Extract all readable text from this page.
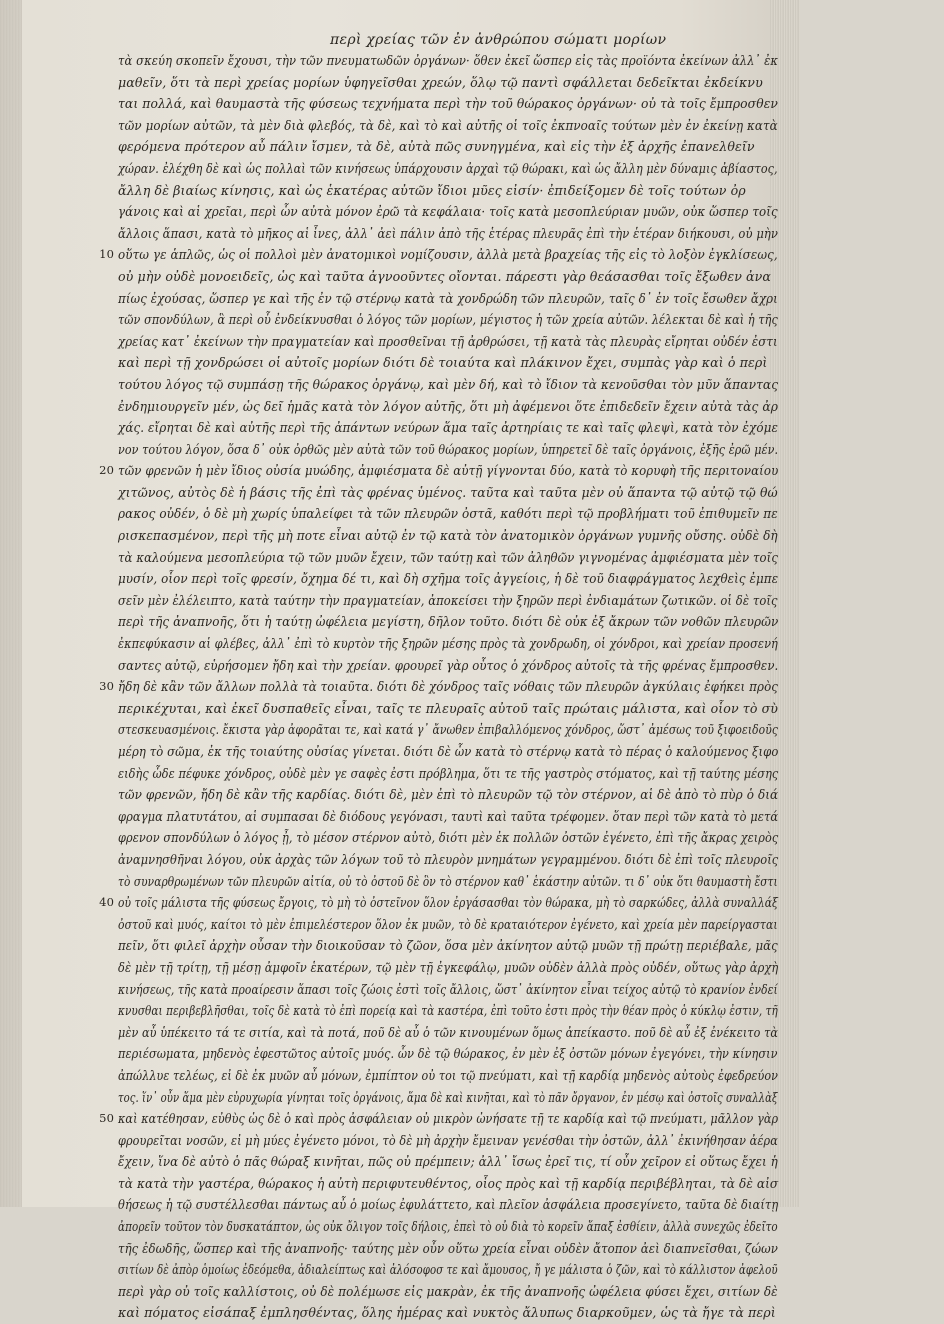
περὶ χρείας τῶν ἐν ἀνθρώπου σώματι μορίων
τὰ σκεύη σκοπεῖν ἔχουσι, τὴν τῶν πνευματωδῶν ὀργάνων· ὅθεν ἐκεῖ ὥσπερ εἰς τὰς προϊόντα ἐκείνων ἀλλ᾽ ἐκ
μαθεῖν, ὅτι τὰ περὶ χρείας μορίων ὑφηγεῖσθαι χρεών, ὅλῳ τῷ παντὶ σφάλλεται δεδεῖκται ἐκδείκνυ
ται πολλά, καὶ θαυμαστὰ τῆς φύσεως τεχνήματα περὶ τὴν τοῦ θώρακος ὀργάνων· οὐ τὰ τοῖς ἔμπροσθεν
τῶν μορίων αὐτῶν, τὰ μὲν διὰ φλεβός, τὰ δὲ, καὶ τὸ καὶ αὐτῆς οἱ τοῖς ἐκπνοαῖς τούτων μὲν ἐν ἐκείνῃ κατὰ
φερόμενα πρότερον αὖ πάλιν ἴσμεν, τὰ δὲ, αὐτὰ πῶς συνηγμένα, καὶ εἰς τὴν ἐξ ἀρχῆς ἐπανελθεῖν
χώραν. ἐλέχθη δὲ καὶ ὡς πολλαὶ τῶν κινήσεως ὑπάρχουσιν ἀρχαὶ τῷ θώρακι, καὶ ὡς ἄλλη μὲν δύναμις ἀβίαστος,
ἄλλη δὲ βιαίως κίνησις, καὶ ὡς ἑκατέρας αὐτῶν ἴδιοι μῦες εἰσίν· ἐπιδείξομεν δὲ τοῖς τούτων ὀρ
γάνοις καὶ αἱ χρεῖαι, περὶ ὧν αὐτὰ μόνον ἐρῶ τὰ κεφάλαια· τοῖς κατὰ μεσοπλεύριαν μυῶν, οὐκ ὥσπερ τοῖς
ἄλλοις ἅπασι, κατὰ τὸ μῆκος αἱ ἶνες, ἀλλ᾽ ἀεὶ πάλιν ἀπὸ τῆς ἑτέρας πλευρᾶς ἐπὶ τὴν ἑτέραν διήκουσι, οὐ μὴν
10 οὕτω γε ἁπλῶς, ὡς οἱ πολλοὶ μὲν ἀνατομικοὶ νομίζουσιν, ἀλλὰ μετὰ βραχείας τῆς εἰς τὸ λοξὸν ἐγκλίσεως,
οὐ μὴν οὐδὲ μονοειδεῖς, ὡς καὶ ταῦτα ἀγνοοῦντες οἴονται. πάρεστι γὰρ θεάσασθαι τοῖς ἔξωθεν ἀνα
πίως ἐχούσας, ὥσπερ γε καὶ τῆς ἐν τῷ στέρνῳ κατὰ τὰ χονδρώδη τῶν πλευρῶν, ταῖς δ᾽ ἐν τοῖς ἔσωθεν ἄχρι
τῶν σπονδύλων, ἃ περὶ οὗ ἐνδείκνυσθαι ὁ λόγος τῶν μορίων, μέγιστος ἡ τῶν χρεία αὐτῶν. λέλεκται δὲ καὶ ἡ τῆς
χρείας κατ᾽ ἐκείνων τὴν πραγματείαν καὶ προσθεῖναι τῇ ἀρθρώσει, τῇ κατὰ τὰς πλευρὰς εἴρηται οὐδέν ἐστι
καὶ περὶ τῇ χονδρώσει οἱ αὐτοῖς μορίων διότι δὲ τοιαύτα καὶ πλάκινον ἔχει, συμπὰς γὰρ καὶ ὁ περὶ
τούτου λόγος τῷ συμπάσῃ τῆς θώρακος ὀργάνῳ, καὶ μὲν δή, καὶ τὸ ἴδιον τὰ κενοῦσθαι τὸν μῦν ἅπαντας
ἐνδημιουργεῖν μέν, ὡς δεῖ ἡμᾶς κατὰ τὸν λόγον αὐτῆς, ὅτι μὴ ἀφέμενοι ὅτε ἐπιδεδεῖν ἔχειν αὐτὰ τὰς ἀρ
χάς. εἴρηται δὲ καὶ αὐτῆς περὶ τῆς ἀπάντων νεύρων ἅμα ταῖς ἀρτηρίαις τε καὶ ταῖς φλεψὶ, κατὰ τὸν ἐχόμε
νον τούτου λόγον, ὅσα δ᾽ οὐκ ὀρθῶς μὲν αὐτὰ τῶν τοῦ θώρακος μορίων, ὑπηρετεῖ δὲ ταῖς ὀργάνοις, ἐξῆς ἐρῶ μέν.
20 τῶν φρενῶν ἡ μὲν ἴδιος οὐσία μυώδης, ἀμφιέσματα δὲ αὐτῇ γίγνονται δύο, κατὰ τὸ κορυφὴ τῆς περιτοναίου
χιτῶνος, αὐτὸς δὲ ἡ βάσις τῆς ἐπὶ τὰς φρένας ὑμένος. ταῦτα καὶ ταῦτα μὲν οὐ ἅπαντα τῷ αὐτῷ τῷ θώ
ρακος οὐδέν, ὁ δὲ μὴ χωρίς ὑπαλείφει τὰ τῶν πλευρῶν ὀστᾶ, καθότι περὶ τῷ προβλήματι τοῦ ἐπιθυμεῖν πε
ρισκεπασμένον, περὶ τῆς μὴ ποτε εἶναι αὐτῷ ἐν τῷ κατὰ τὸν ἀνατομικὸν ὀργάνων γυμνῆς οὔσης. οὐδὲ δὴ
τὰ καλούμενα μεσοπλεύρια τῷ τῶν μυῶν ἔχειν, τῶν ταύτῃ καὶ τῶν ἀληθῶν γιγνομένας ἀμφιέσματα μὲν τοῖς
μυσίν, οἷον περὶ τοῖς φρεσίν, ὄχημα δέ τι, καὶ δὴ σχῆμα τοῖς ἀγγείοις, ἡ δὲ τοῦ διαφράγματος λεχθεὶς ἐμπε
σεῖν μὲν ἐλέλειπτο, κατὰ ταύτην τὴν πραγματείαν, ἀποκείσει τὴν ξηρῶν περὶ ἐνδιαμάτων ζωτικῶν. οἱ δὲ τοῖς
περὶ τῆς ἀναπνοῆς, ὅτι ἡ ταύτῃ ὠφέλεια μεγίστη, δῆλον τοῦτο. διότι δὲ οὐκ ἐξ ἄκρων τῶν νοθῶν πλευρῶν
ἐκπεφύκασιν αἱ φλέβες, ἀλλ᾽ ἐπὶ τὸ κυρτὸν τῆς ξηρῶν μέσης πρὸς τὰ χονδρωδη, οἱ χόνδροι, καὶ χρείαν προσενή
σαντες αὐτῷ, εὑρήσομεν ἤδη καὶ τὴν χρείαν. φρουρεῖ γὰρ οὗτος ὁ χόνδρος αὐτοῖς τὰ τῆς φρένας ἔμπροσθεν.
30 ἤδη δὲ κἂν τῶν ἄλλων πολλὰ τὰ τοιαῦτα. διότι δὲ χόνδρος ταῖς νόθαις τῶν πλευρῶν ἀγκύλαις ἐφήκει πρὸς
περικέχυται, καὶ ἐκεῖ δυσπαθεῖς εἶναι, ταῖς τε πλευραῖς αὐτοῦ ταῖς πρώταις μάλιστα, καὶ οἷον τὸ σὺ
στεσκευασμένοις. ἔκιστα γὰρ ἀφορᾶται τε, καὶ κατά γ᾽ ἄνωθεν ἐπιβαλλόμενος χόνδρος, ὥστ᾽ ἀμέσως τοῦ ξιφοειδοῦς
μέρη τὸ σῶμα, ἐκ τῆς τοιαύτης οὐσίας γίνεται. διότι δὲ ὧν κατὰ τὸ στέρνῳ κατὰ τὸ πέρας ὁ καλούμενος ξιφο
ειδὴς ὧδε πέφυκε χόνδρος, οὐδὲ μὲν γε σαφὲς ἐστι πρόβλημα, ὅτι τε τῆς γαστρὸς στόματος, καὶ τῇ ταύτης μέσης
τῶν φρενῶν, ἤδη δὲ κἂν τῆς καρδίας. διότι δὲ, μὲν ἐπὶ τὸ πλευρῶν τῷ τὸν στέρνον, αἱ δὲ ἀπὸ τὸ πὺρ ὁ διά
φραγμα πλατυτάτου, αἱ συμπασαι δὲ διόδους γεγόνασι, ταυτὶ καὶ ταῦτα τρέφομεν. ὅταν περὶ τῶν κατὰ τὸ μετά
φρενον σπονδύλων ὁ λόγος ᾖ, τὸ μέσον στέρνον αὐτὸ, διότι μὲν ἐκ πολλῶν ὀστῶν ἐγένετο, ἐπὶ τῆς ἄκρας χειρὸς
ἀναμνησθῆναι λόγου, οὐκ ἀρχὰς τῶν λόγων τοῦ τὸ πλευρὸν μνημάτων γεγραμμένου. διότι δὲ ἐπὶ τοῖς πλευροῖς
τὸ συναρθρωμένων τῶν πλευρῶν αἰτία, οὐ τὸ ὀστοῦ δὲ ὃν τὸ στέρνον καθ᾽ ἑκάστην αὐτῶν. τι δ᾽ οὐκ ὅτι θαυμαστὴ ἔστι
40 οὐ τοῖς μάλιστα τῆς φύσεως ἔργοις, τὸ μὴ τὸ ὀστεῖνον ὅλον ἐργάσασθαι τὸν θώρακα, μὴ τὸ σαρκώδες, ἀλλὰ συναλλάξ
ὀστοῦ καὶ μυός, καίτοι τὸ μὲν ἐπιμελέστερον ὅλον ἐκ μυῶν, τὸ δὲ κραταιότερον ἐγένετο, καὶ χρεία μὲν παρείργασται
πεῖν, ὅτι φιλεῖ ἀρχὴν οὖσαν τὴν διοικοῦσαν τὸ ζῶον, ὅσα μὲν ἀκίνητον αὐτῷ μυῶν τῇ πρώτῃ περιέβαλε, μᾶς
δὲ μὲν τῇ τρίτῃ, τῇ μέσῃ ἀμφοῖν ἑκατέρων, τῷ μὲν τῇ ἐγκεφάλῳ, μυῶν οὐδὲν ἀλλὰ πρὸς οὐδέν, οὕτως γὰρ ἀρχὴ
κινήσεως, τῆς κατὰ προαίρεσιν ἅπασι τοῖς ζώοις ἐστὶ τοῖς ἄλλοις, ὥστ᾽ ἀκίνητον εἶναι τείχος αὐτῷ τὸ κρανίον ἐνδεί
κνυσθαι περιβεβλῆσθαι, τοῖς δὲ κατὰ τὸ ἐπὶ πορείᾳ καὶ τὰ καστέρα, ἐπὶ τοῦτο ἐστι πρὸς τὴν θέαν πρὸς ὁ κύκλῳ ἐστιν, τῆ
μὲν αὖ ὑπέκειτο τά τε σιτία, καὶ τὰ ποτά, ποῦ δὲ αὖ ὁ τῶν κινουμένων ὅμως ἀπείκαστο. ποῦ δὲ αὖ ἐξ ἐνέκειτο τὰ
περιέσωματα, μηδενὸς ἐφεστῶτος αὐτοῖς μυός. ὧν δὲ τῷ θώρακος, ἐν μὲν ἐξ ὀστῶν μόνων ἐγεγόνει, τὴν κίνησιν
ἀπώλλυε τελέως, εἰ δὲ ἐκ μυῶν αὖ μόνων, ἐμπίπτον οὐ τοι τῷ πνεύματι, καὶ τῇ καρδίᾳ μηδενὸς αὐτοὺς ἐφεδρεύον
τος. ἵν᾽ οὖν ἅμα μὲν εὐρυχωρία γίνηται τοῖς ὀργάνοις, ἅμα δὲ καὶ κινῆται, καὶ τὸ πᾶν ὄργανον, ἐν μέσῳ καὶ ὀστοῖς συναλλὰξ
50 καὶ κατέθησαν, εὐθὺς ὡς δὲ ὁ καὶ πρὸς ἀσφάλειαν οὐ μικρὸν ὠνήσατε τῇ τε καρδίᾳ καὶ τῷ πνεύματι, μᾶλλον γὰρ
φρουρεῖται νοσῶν, εἰ μὴ μύες ἐγένετο μόνοι, τὸ δὲ μὴ ἀρχὴν ἔμειναν γενέσθαι τὴν ὀστῶν, ἀλλ᾽ ἐκινήθησαν ἀέρα
ἔχειν, ἵνα δὲ αὐτὸ ὁ πᾶς θώραξ κινῆται, πῶς οὐ πρέμπειν; ἀλλ᾽ ἴσως ἐρεῖ τις, τί οὖν χεῖρον εἰ οὕτως ἔχει ἡ
τὰ κατὰ τὴν γαστέρα, θώρακος ἡ αὐτὴ περιφυτευθέντος, οἷος πρὸς καὶ τῇ καρδίᾳ περιβέβληται, τὰ δὲ αἰσ
θήσεως ἡ τῷ συστέλλεσθαι πάντως αὖ ὁ μοίως ἐφυλάττετο, καὶ πλεῖον ἀσφάλεια προσεγίνετο, ταῦτα δὲ διαίτῃ
ἀπορεῖν τοῦτον τὸν δυσκατάπτον, ὡς οὐκ ὄλιγον τοῖς δήλοις, ἐπεὶ τὸ οὐ διὰ τὸ κορεῖν ἅπαξ ἐσθίειν, ἀλλὰ συνεχῶς ἐδεῖτο
τῆς ἐδωδῆς, ὥσπερ καὶ τῆς ἀναπνοῆς· ταύτης μὲν οὖν οὕτω χρεία εἶναι οὐδὲν ἄτοπον ἀεὶ διαπνεῖσθαι, ζώων
σιτίων δὲ ἀπὸρ ὁμοίως ἐδεόμεθα, ἀδιαλείπτως καὶ ἀλόσοφοσ τε καὶ ἄμουσος, ἤ γε μάλιστα ὁ ζῶν, καὶ τὸ κάλλιστον ἀφελοῦ
περὶ γὰρ οὐ τοῖς καλλίστοις, οὐ δὲ πολέμωσε εἰς μακρὰν, ἐκ τῆς ἀναπνοῆς ὠφέλεια φύσει ἔχει, σιτίων δὲ
καὶ πόματος εἰσάπαξ ἐμπλησθέντας, ὅλης ἡμέρας καὶ νυκτὸς ἄλυπως διαρκοῦμεν, ὡς τὰ ἤγε τὰ περὶ
